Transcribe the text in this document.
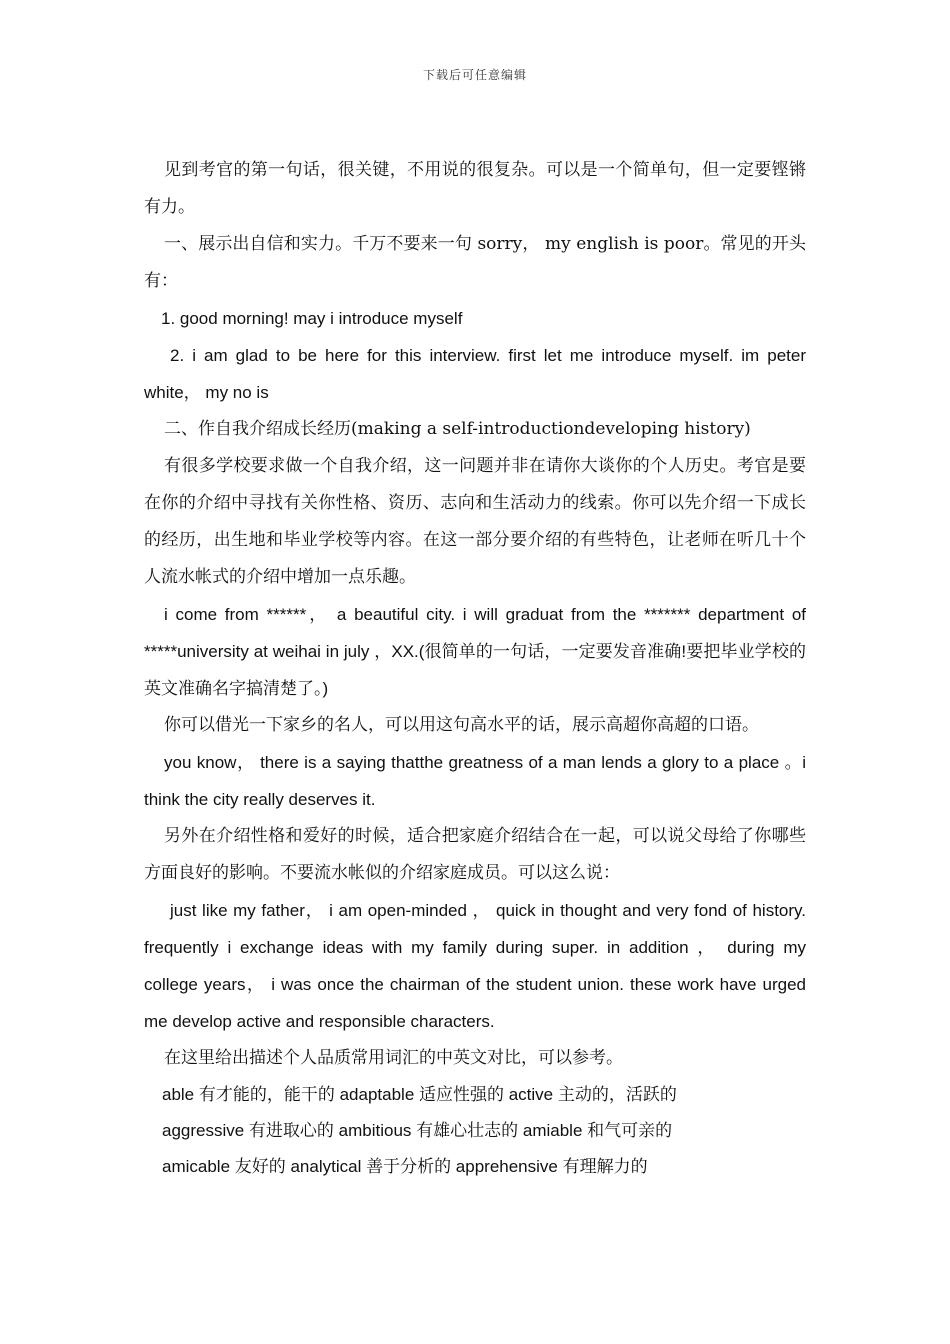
下载后可任意编辑

见到考官的第一句话，很关键，不用说的很复杂。可以是一个简单句，但一定要铿锵有力。

一、展示出自信和实力。千万不要来一句 sorry， my english is poor。常见的开头有：

1. good morning! may i introduce myself

2. i am glad to be here for this interview. first let me introduce myself. im peter white， my no is

二、作自我介绍成长经历(making a self-introductiondeveloping history)

有很多学校要求做一个自我介绍，这一问题并非在请你大谈你的个人历史。考官是要在你的介绍中寻找有关你性格、资历、志向和生活动力的线索。你可以先介绍一下成长的经历，出生地和毕业学校等内容。在这一部分要介绍的有些特色，让老师在听几十个人流水帐式的介绍中增加一点乐趣。

i come from ******， a beautiful city. i will graduat from the ******* department of *****university at weihai in july ，XX.(很简单的一句话，一定要发音准确!要把毕业学校的英文准确名字搞清楚了。)

你可以借光一下家乡的名人，可以用这句高水平的话，展示高超你高超的口语。

you know， there is a saying thatthe greatness of a man lends a glory to a place 。i think the city really deserves it.

另外在介绍性格和爱好的时候，适合把家庭介绍结合在一起，可以说父母给了你哪些方面良好的影响。不要流水帐似的介绍家庭成员。可以这么说：

just like my father， i am open-minded ， quick in thought and very fond of history. frequently i exchange ideas with my family during super. in addition ， during my college years， i was once the chairman of the student union. these work have urged me develop active and responsible characters.

在这里给出描述个人品质常用词汇的中英文对比，可以参考。

able 有才能的，能干的 adaptable 适应性强的 active 主动的，活跃的

aggressive 有进取心的 ambitious 有雄心壮志的 amiable 和气可亲的

amicable 友好的 analytical 善于分析的 apprehensive 有理解力的
